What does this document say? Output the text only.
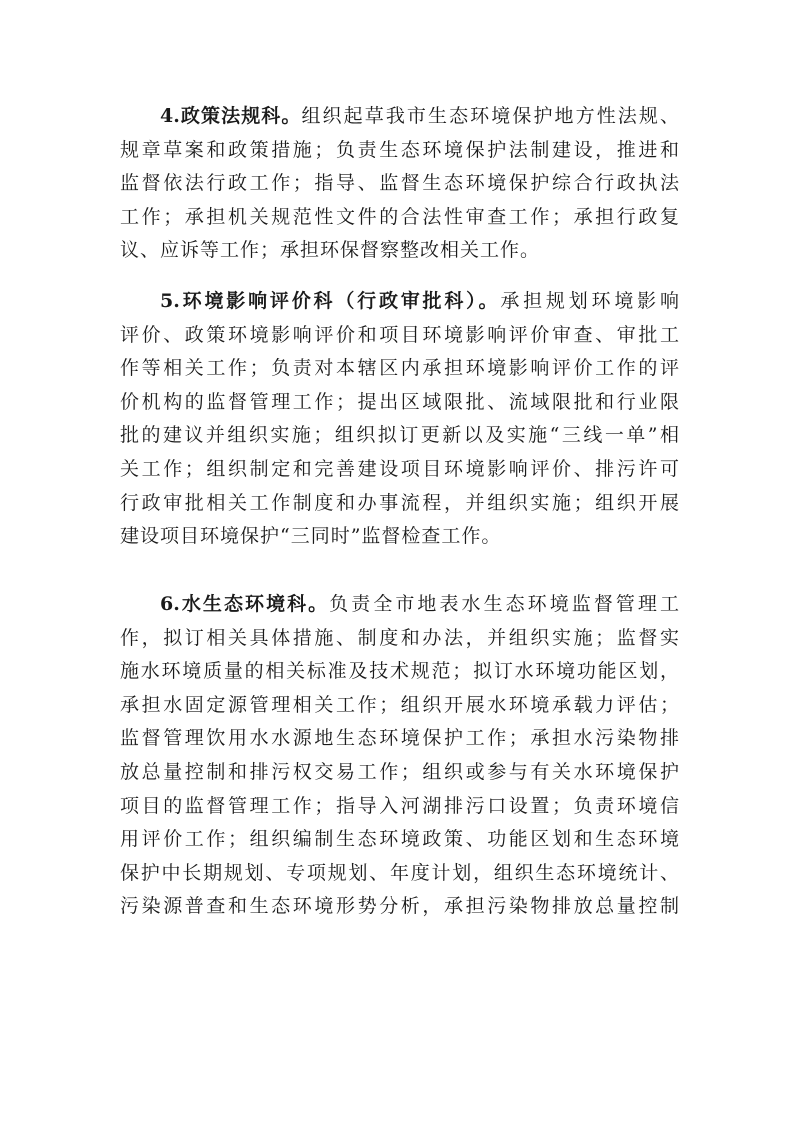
4.政策法规科。组织起草我市生态环境保护地方性法规、
规章草案和政策措施；负责生态环境保护法制建设，推进和
监督依法行政工作；指导、监督生态环境保护综合行政执法
工作；承担机关规范性文件的合法性审查工作；承担行政复
议、应诉等工作；承担环保督察整改相关工作。
5.环境影响评价科（行政审批科）。承担规划环境影响
评价、政策环境影响评价和项目环境影响评价审查、审批工
作等相关工作；负责对本辖区内承担环境影响评价工作的评
价机构的监督管理工作；提出区域限批、流域限批和行业限
批的建议并组织实施；组织拟订更新以及实施“三线一单”相
关工作；组织制定和完善建设项目环境影响评价、排污许可
行政审批相关工作制度和办事流程，并组织实施；组织开展
建设项目环境保护“三同时”监督检查工作。
6.水生态环境科。负责全市地表水生态环境监督管理工
作，拟订相关具体措施、制度和办法，并组织实施；监督实
施水环境质量的相关标准及技术规范；拟订水环境功能区划，
承担水固定源管理相关工作；组织开展水环境承载力评估；
监督管理饮用水水源地生态环境保护工作；承担水污染物排
放总量控制和排污权交易工作；组织或参与有关水环境保护
项目的监督管理工作；指导入河湖排污口设置；负责环境信
用评价工作；组织编制生态环境政策、功能区划和生态环境
保护中长期规划、专项规划、年度计划，组织生态环境统计、
污染源普查和生态环境形势分析，承担污染物排放总量控制
